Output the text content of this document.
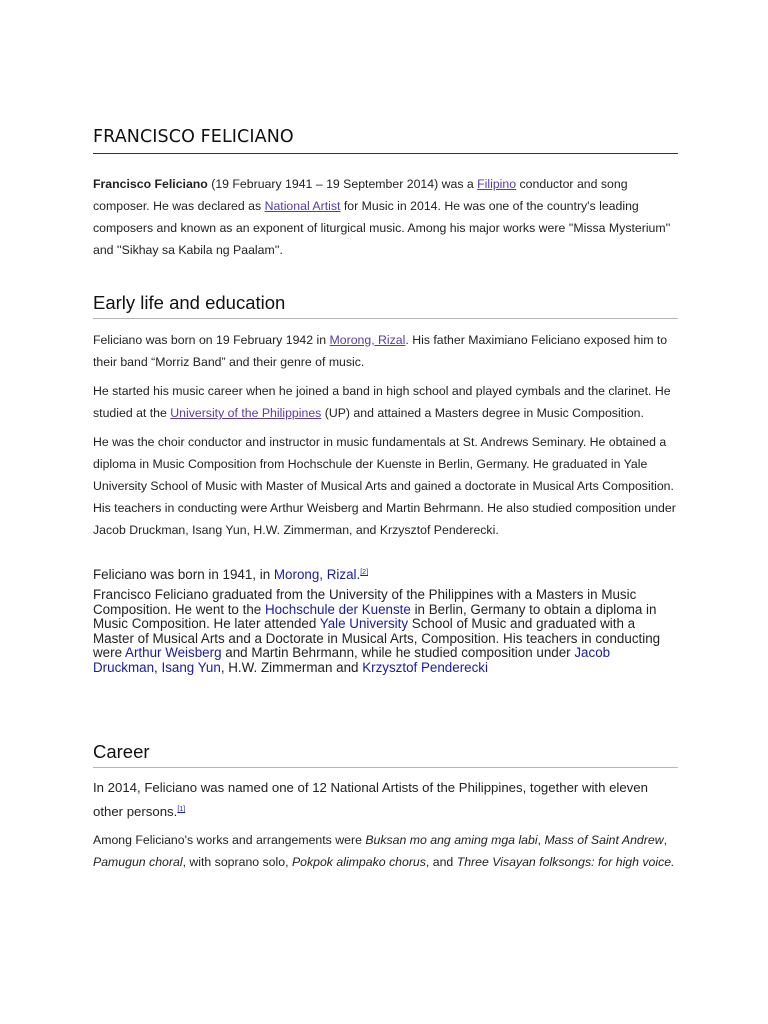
FRANCISCO FELICIANO
Francisco Feliciano (19 February 1941 – 19 September 2014) was a Filipino conductor and song composer. He was declared as National Artist for Music in 2014. He was one of the country's leading composers and known as an exponent of liturgical music. Among his major works were ''Missa Mysterium'' and ''Sikhay sa Kabila ng Paalam''.
Early life and education
Feliciano was born on 19 February 1942 in Morong, Rizal. His father Maximiano Feliciano exposed him to their band “Morriz Band” and their genre of music.
He started his music career when he joined a band in high school and played cymbals and the clarinet. He studied at the University of the Philippines (UP) and attained a Masters degree in Music Composition.
He was the choir conductor and instructor in music fundamentals at St. Andrews Seminary. He obtained a diploma in Music Composition from Hochschule der Kuenste in Berlin, Germany. He graduated in Yale University School of Music with Master of Musical Arts and gained a doctorate in Musical Arts Composition. His teachers in conducting were Arthur Weisberg and Martin Behrmann. He also studied composition under Jacob Druckman, Isang Yun, H.W. Zimmerman, and Krzysztof Penderecki.
Feliciano was born in 1941, in Morong, Rizal.[2]
Francisco Feliciano graduated from the University of the Philippines with a Masters in Music Composition. He went to the Hochschule der Kuenste in Berlin, Germany to obtain a diploma in Music Composition. He later attended Yale University School of Music and graduated with a Master of Musical Arts and a Doctorate in Musical Arts, Composition. His teachers in conducting were Arthur Weisberg and Martin Behrmann, while he studied composition under Jacob Druckman, Isang Yun, H.W. Zimmerman and Krzysztof Penderecki
Career
In 2014, Feliciano was named one of 12 National Artists of the Philippines, together with eleven other persons.[1]
Among Feliciano's works and arrangements were Buksan mo ang aming mga labi, Mass of Saint Andrew, Pamugun choral, with soprano solo, Pokpok alimpako chorus, and Three Visayan folksongs: for high voice.
